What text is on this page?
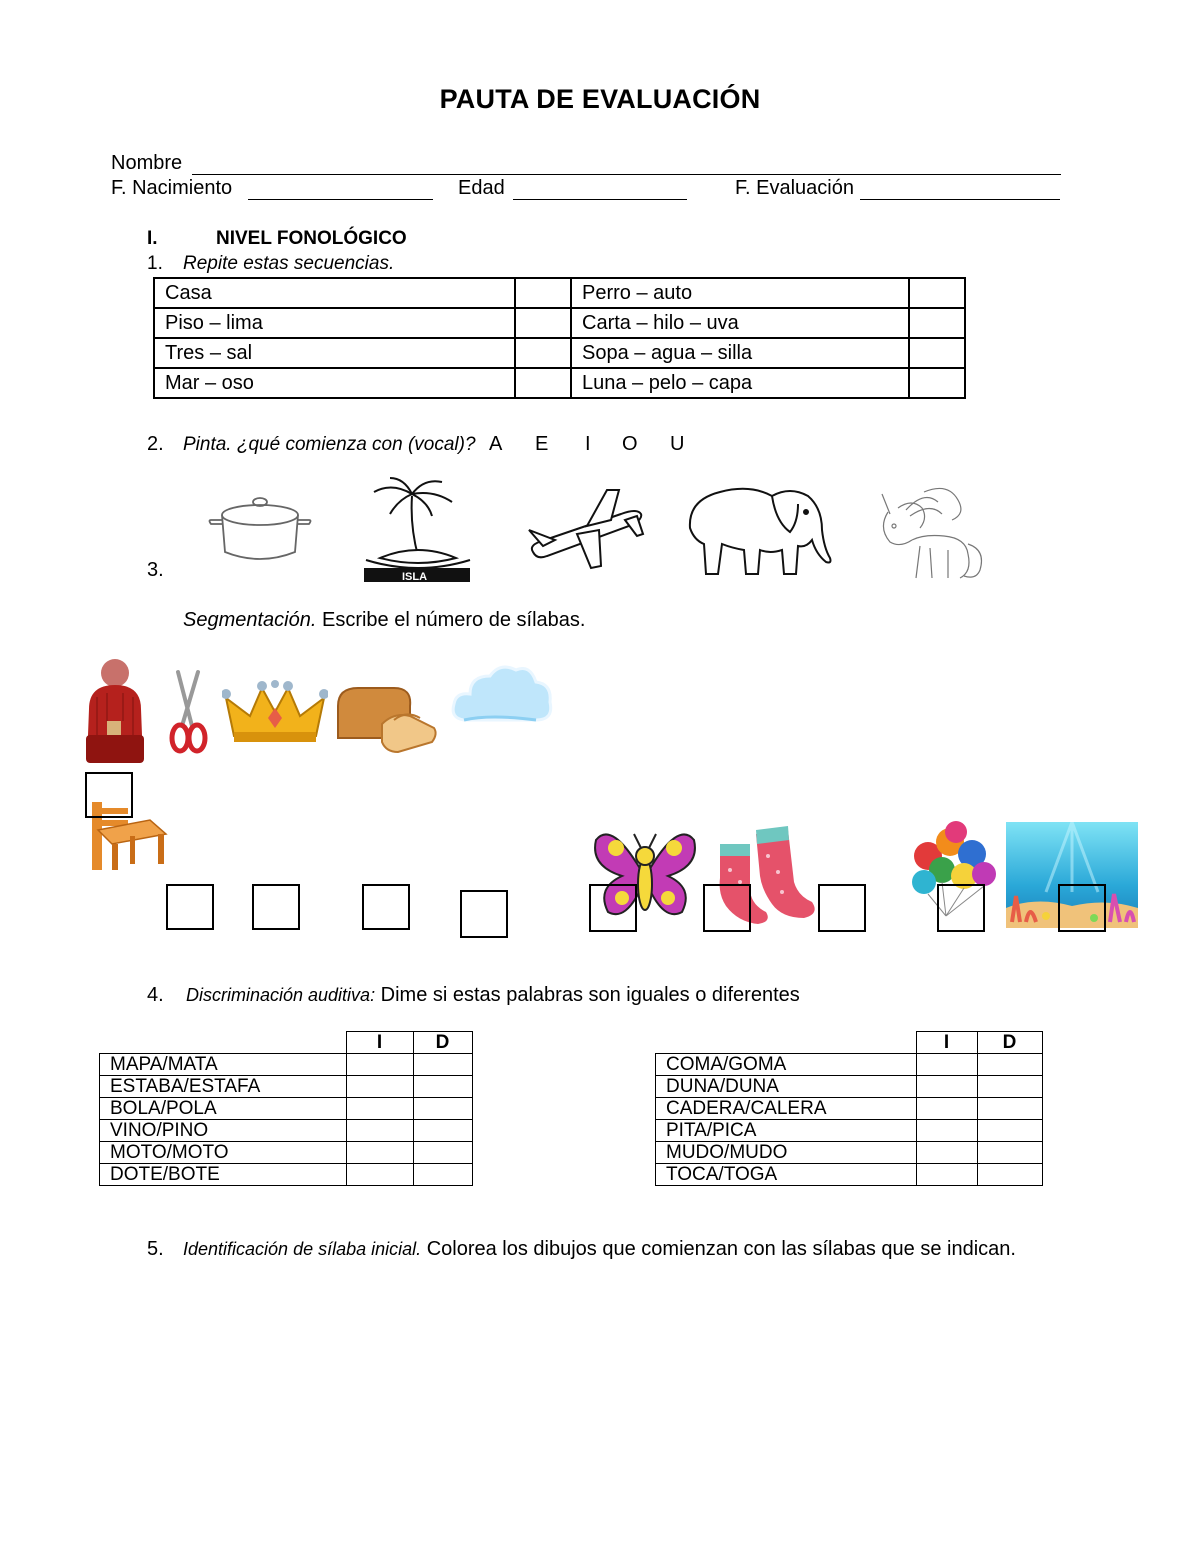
PAUTA DE EVALUACIÓN
Nombre
F. Nacimiento	Edad	F. Evaluación
I.	NIVEL FONOLÓGICO
1. Repite estas secuencias.
Casa		Perro – auto	
Piso – lima		Carta – hilo – uva	
Tres – sal		Sopa – agua – silla	
Mar – oso		Luna – pelo – capa	
2. Pinta. ¿qué comienza con (vocal)? A E I O U
ISLA
3.
Segmentación. Escribe el número de sílabas.
4. Discriminación auditiva: Dime si estas palabras son iguales o diferentes
	I	D
MAPA/MATA		
ESTABA/ESTAFA		
BOLA/POLA		
VINO/PINO		
MOTO/MOTO		
DOTE/BOTE		
	I	D
COMA/GOMA		
DUNA/DUNA		
CADERA/CALERA		
PITA/PICA		
MUDO/MUDO		
TOCA/TOGA		
5. Identificación de sílaba inicial. Colorea los dibujos que comienzan con las sílabas que se indican.
